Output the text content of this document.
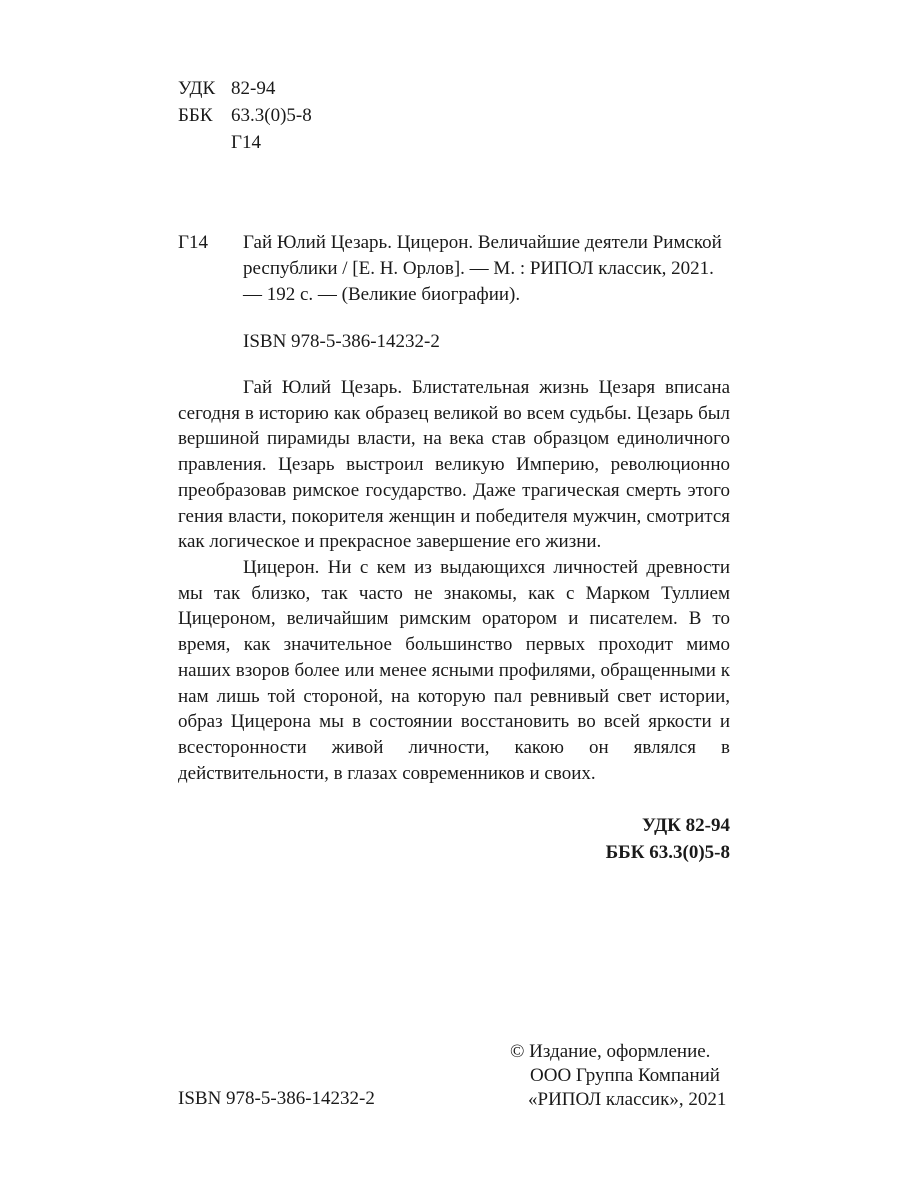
УДК 82-94
ББК 63.3(0)5-8
Г14
Г14 Гай Юлий Цезарь. Цицерон. Величайшие деятели Римской республики / [Е. Н. Орлов]. — М. : РИПОЛ классик, 2021. — 192 с. — (Великие биографии).
ISBN 978-5-386-14232-2

Гай Юлий Цезарь. Блистательная жизнь Цезаря вписана сегодня в историю как образец великой во всем судьбы. Цезарь был вершиной пирамиды власти, на века став образцом единоличного правления. Цезарь выстроил великую Империю, революционно преобразовав римское государство. Даже трагическая смерть этого гения власти, покорителя женщин и победителя мужчин, смотрится как логическое и прекрасное завершение его жизни.

Цицерон. Ни с кем из выдающихся личностей древности мы так близко, так часто не знакомы, как с Марком Туллием Цицероном, величайшим римским оратором и писателем. В то время, как значительное большинство первых проходит мимо наших взоров более или менее ясными профилями, обращенными к нам лишь той стороной, на которую пал ревнивый свет истории, образ Цицерона мы в состоянии восстановить во всей яркости и всесторонности живой личности, какою он являлся в действительности, в глазах современников и своих.

УДК 82-94
ББК 63.3(0)5-8
© Издание, оформление.
ООО Группа Компаний
«РИПОЛ классик», 2021
ISBN 978-5-386-14232-2
